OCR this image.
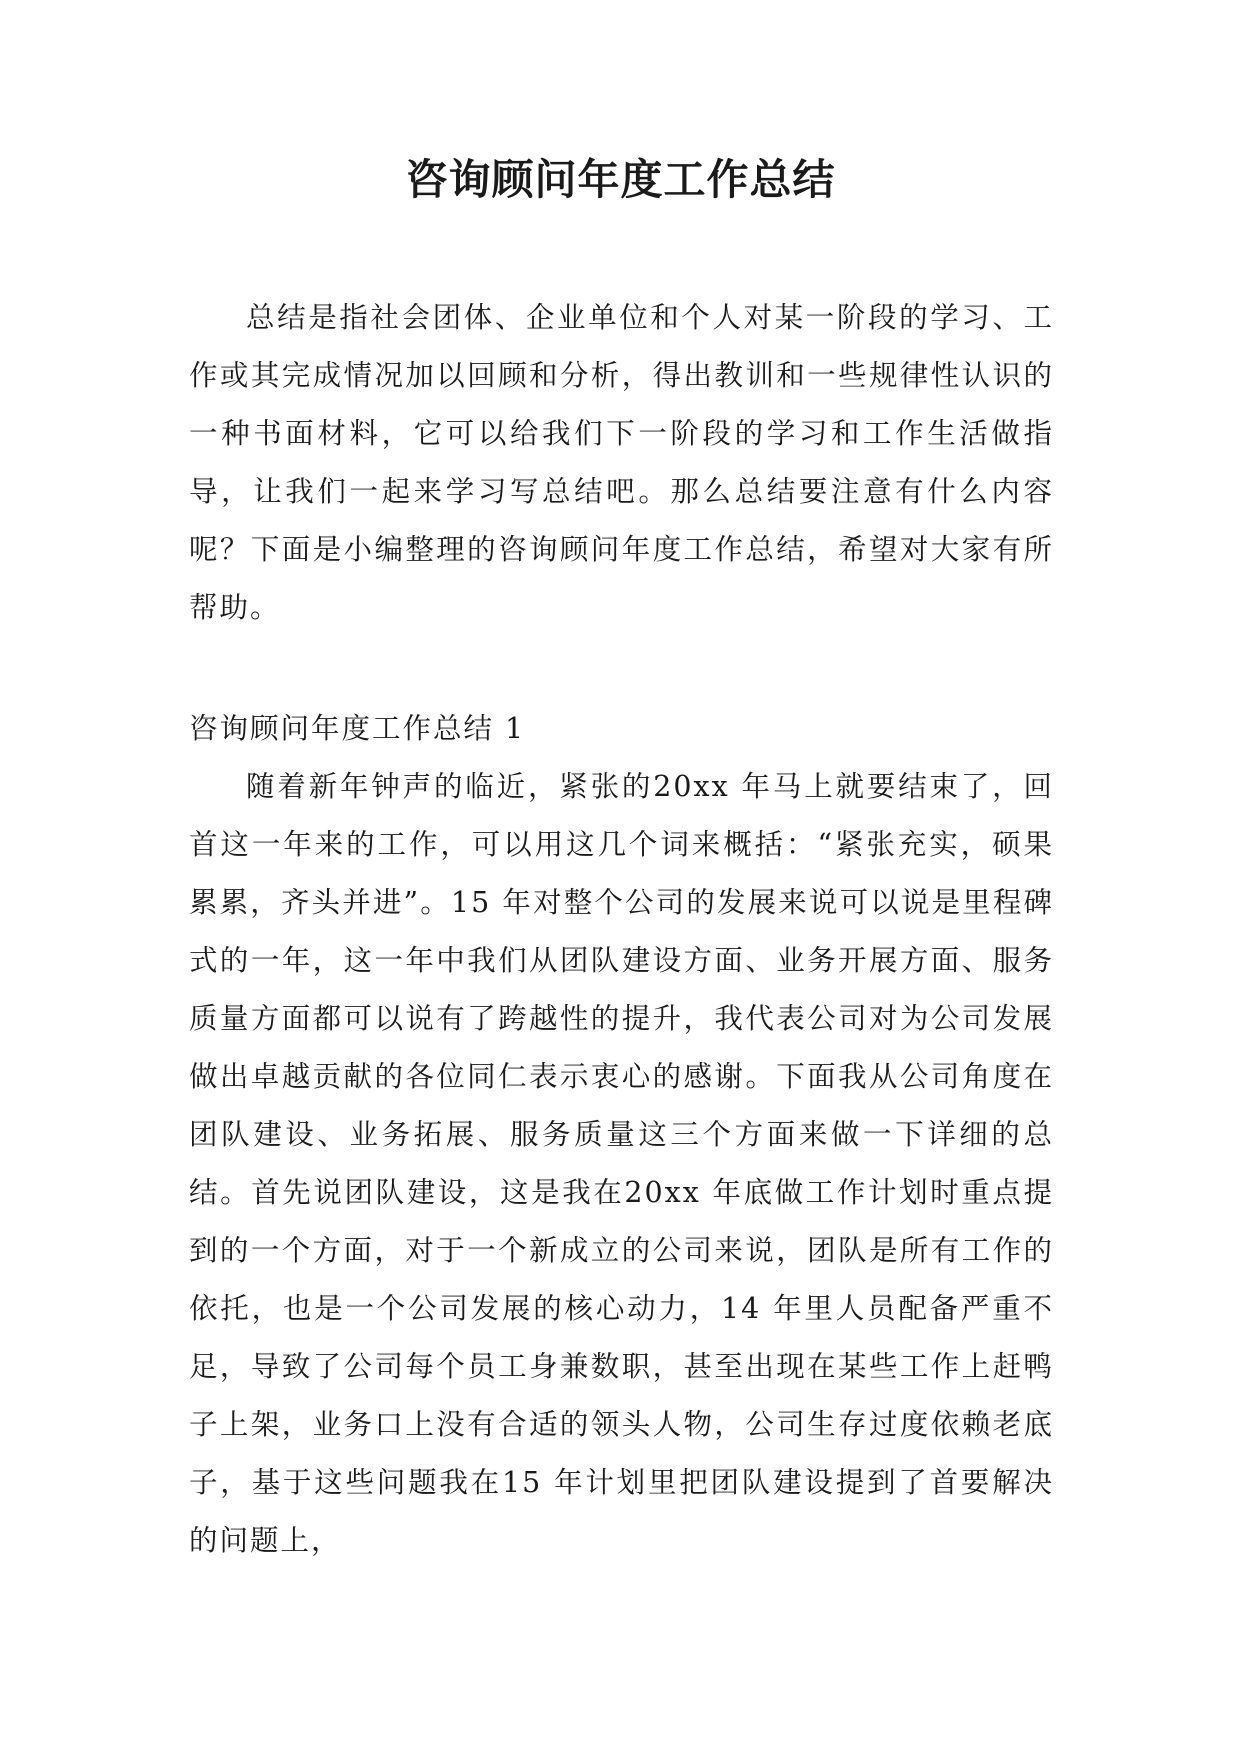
咨询顾问年度工作总结

总结是指社会团体、企业单位和个人对某一阶段的学习、工作或其完成情况加以回顾和分析，得出教训和一些规律性认识的一种书面材料，它可以给我们下一阶段的学习和工作生活做指导，让我们一起来学习写总结吧。那么总结要注意有什么内容呢？下面是小编整理的咨询顾问年度工作总结，希望对大家有所帮助。

咨询顾问年度工作总结 1

随着新年钟声的临近，紧张的20xx 年马上就要结束了，回首这一年来的工作，可以用这几个词来概括：“紧张充实，硕果累累，齐头并进”。15 年对整个公司的发展来说可以说是里程碑式的一年，这一年中我们从团队建设方面、业务开展方面、服务质量方面都可以说有了跨越性的提升，我代表公司对为公司发展做出卓越贡献的各位同仁表示衷心的感谢。下面我从公司角度在团队建设、业务拓展、服务质量这三个方面来做一下详细的总结。首先说团队建设，这是我在20xx 年底做工作计划时重点提到的一个方面，对于一个新成立的公司来说，团队是所有工作的依托，也是一个公司发展的核心动力，14 年里人员配备严重不足，导致了公司每个员工身兼数职，甚至出现在某些工作上赶鸭子上架，业务口上没有合适的领头人物，公司生存过度依赖老底子，基于这些问题我在15 年计划里把团队建设提到了首要解决的问题上，
